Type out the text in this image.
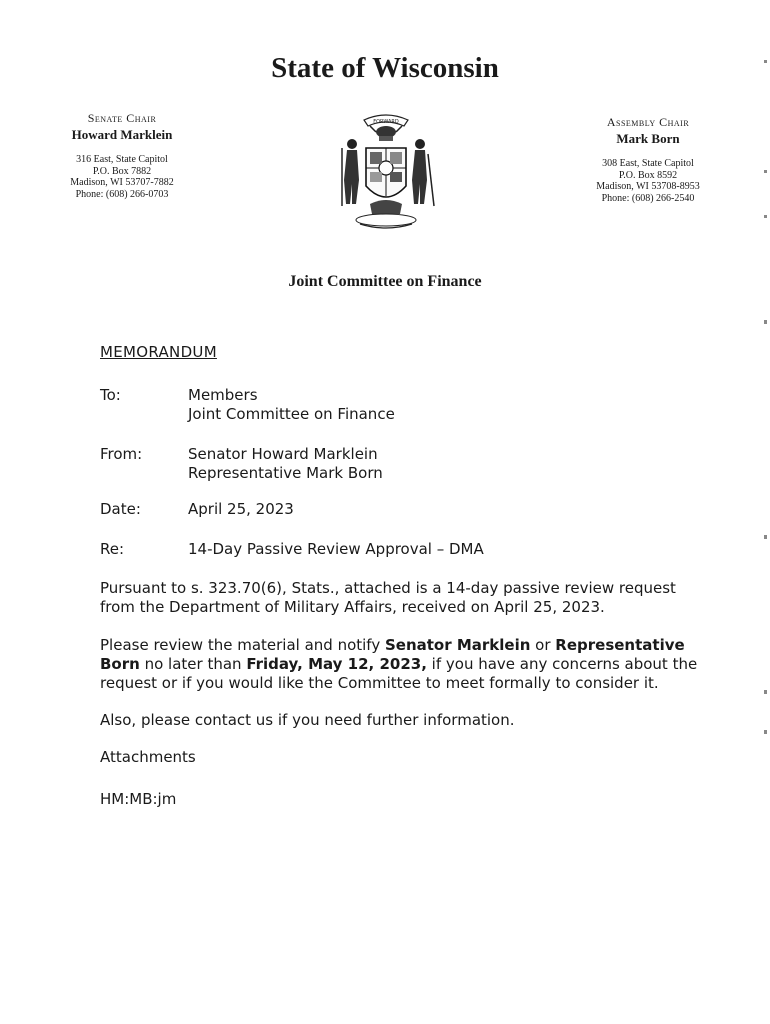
State of Wisconsin
Senate Chair
Howard Marklein
316 East, State Capitol
P.O. Box 7882
Madison, WI 53707-7882
Phone: (608) 266-0703
FORWARD	Assembly Chair
Mark Born
308 East, State Capitol
P.O. Box 8592
Madison, WI 53708-8953
Phone: (608) 266-2540
Joint Committee on Finance
MEMORANDUM
To:	Members
Joint Committee on Finance
From:	Senator Howard Marklein
Representative Mark Born
Date:	April 25, 2023
Re:	14-Day Passive Review Approval – DMA
Pursuant to s. 323.70(6), Stats., attached is a 14-day passive review request from the Department of Military Affairs, received on April 25, 2023.
Please review the material and notify Senator Marklein or Representative Born no later than Friday, May 12, 2023, if you have any concerns about the request or if you would like the Committee to meet formally to consider it.
Also, please contact us if you need further information.
Attachments
HM:MB:jm
